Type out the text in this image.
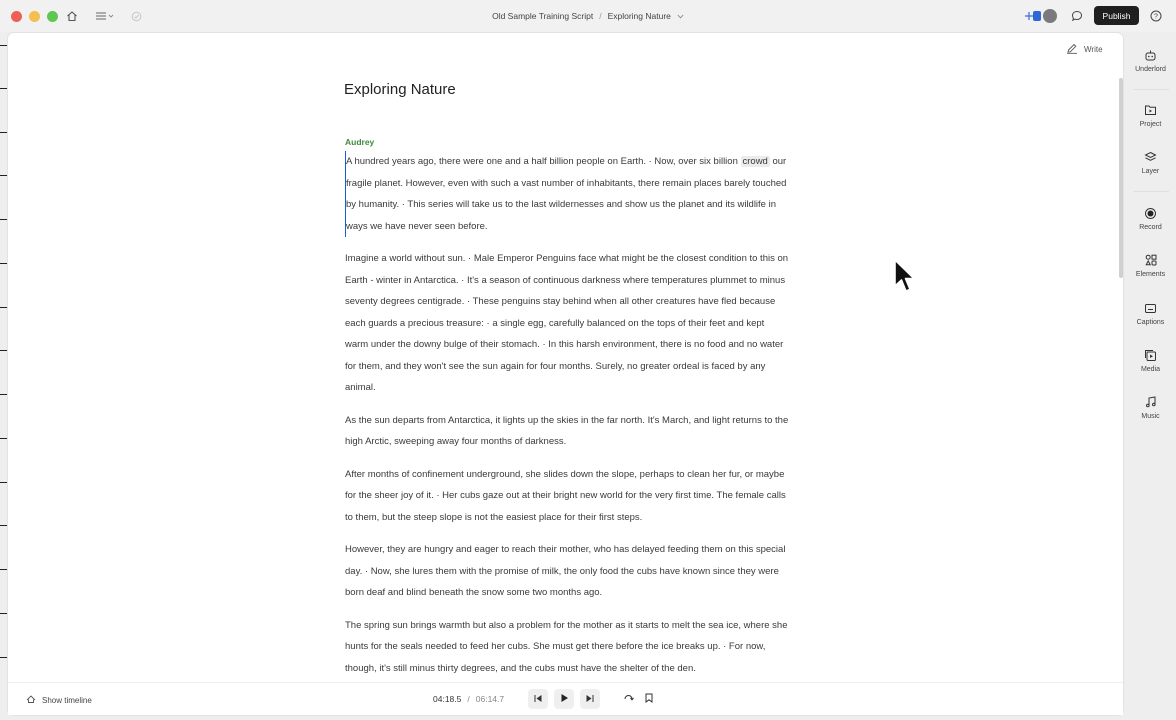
Old Sample Training Script / Exploring Nature	Publish	?
Write
Exploring Nature
Audrey

A hundred years ago, there were one and a half billion people on Earth. · Now, over six billion crowd our fragile planet. However, even with such a vast number of inhabitants, there remain places barely touched by humanity. · This series will take us to the last wildernesses and show us the planet and its wildlife in ways we have never seen before.

Imagine a world without sun. · Male Emperor Penguins face what might be the closest condition to this on Earth - winter in Antarctica. · It's a season of continuous darkness where temperatures plummet to minus seventy degrees centigrade. · These penguins stay behind when all other creatures have fled because each guards a precious treasure: · a single egg, carefully balanced on the tops of their feet and kept warm under the downy bulge of their stomach. · In this harsh environment, there is no food and no water for them, and they won't see the sun again for four months. Surely, no greater ordeal is faced by any animal.

As the sun departs from Antarctica, it lights up the skies in the far north. It's March, and light returns to the high Arctic, sweeping away four months of darkness.

After months of confinement underground, she slides down the slope, perhaps to clean her fur, or maybe for the sheer joy of it. · Her cubs gaze out at their bright new world for the very first time. The female calls to them, but the steep slope is not the easiest place for their first steps.

However, they are hungry and eager to reach their mother, who has delayed feeding them on this special day. · Now, she lures them with the promise of milk, the only food the cubs have known since they were born deaf and blind beneath the snow some two months ago.

The spring sun brings warmth but also a problem for the mother as it starts to melt the sea ice, where she hunts for the seals needed to feed her cubs. She must get there before the ice breaks up. · For now, though, it's still minus thirty degrees, and the cubs must have the shelter of the den.

Show timeline	04:18.5 / 06:14.7
Underlord
Project
Layer
Record
Elements
Captions
Media
Music
